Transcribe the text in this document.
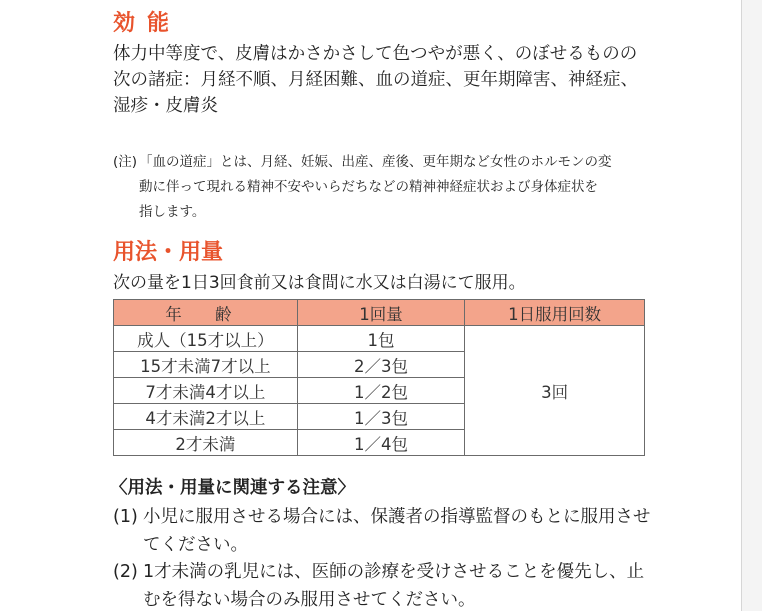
効能

体力中等度で、皮膚はかさかさして色つやが悪く、のぼせるものの
次の諸症：月経不順、月経困難、血の道症、更年期障害、神経症、
湿疹・皮膚炎

(注) 「血の道症」とは、月経、妊娠、出産、産後、更年期など女性のホルモンの変
動に伴って現れる精神不安やいらだちなどの精神神経症状および身体症状を
指します。
用法・用量

次の量を1日3回食前又は食間に水又は白湯にて服用。

年 齢	1回量	1日服用回数
成人（15才以上）	1包	3回
15才未満7才以上	2／3包	
7才未満4才以上	1／2包	
4才未満2才以上	1／3包	
2才未満	1／4包	
〈用法・用量に関連する注意〉

(1) 小児に服用させる場合には、保護者の指導監督のもとに服用させ
てください。

(2) 1才未満の乳児には、医師の診療を受けさせることを優先し、止
むを得ない場合のみ服用させてください。
